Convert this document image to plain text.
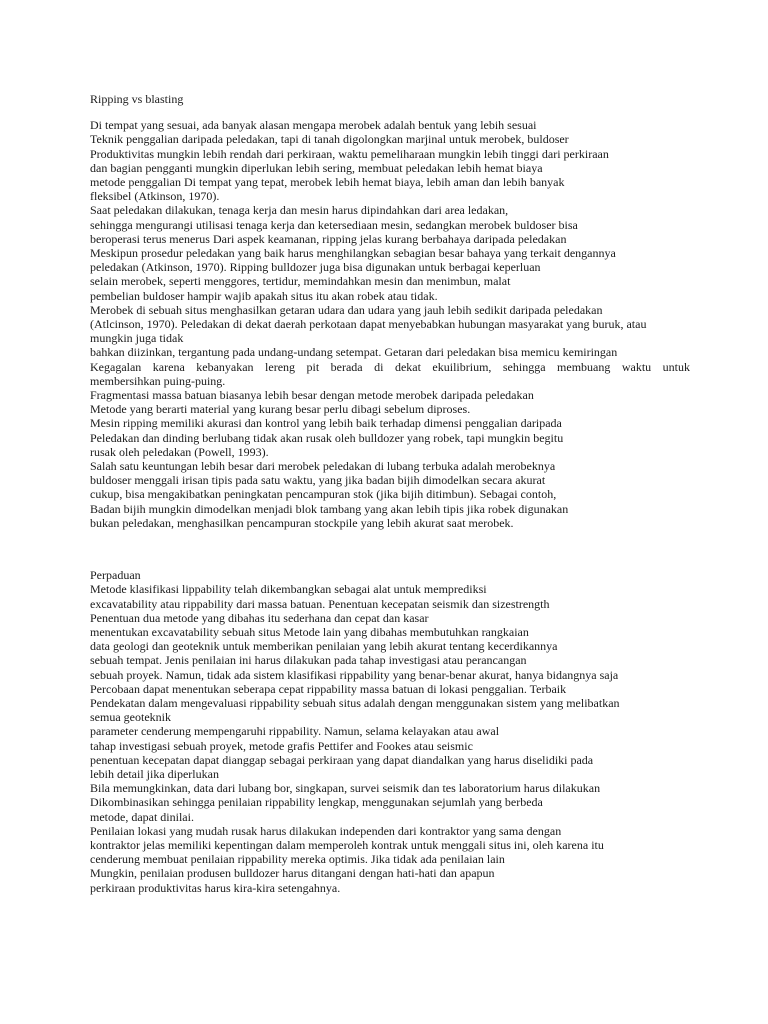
Ripping vs blasting

Di tempat yang sesuai, ada banyak alasan mengapa merobek adalah bentuk yang lebih sesuai
Teknik penggalian daripada peledakan, tapi di tanah digolongkan marjinal untuk merobek, buldoser
Produktivitas mungkin lebih rendah dari perkiraan, waktu pemeliharaan mungkin lebih tinggi dari perkiraan
dan bagian pengganti mungkin diperlukan lebih sering, membuat peledakan lebih hemat biaya
metode penggalian Di tempat yang tepat, merobek lebih hemat biaya, lebih aman dan lebih banyak
fleksibel (Atkinson, 1970).
Saat peledakan dilakukan, tenaga kerja dan mesin harus dipindahkan dari area ledakan,
sehingga mengurangi utilisasi tenaga kerja dan ketersediaan mesin, sedangkan merobek buldoser bisa
beroperasi terus menerus Dari aspek keamanan, ripping jelas kurang berbahaya daripada peledakan
Meskipun prosedur peledakan yang baik harus menghilangkan sebagian besar bahaya yang terkait dengannya
peledakan (Atkinson, 1970). Ripping bulldozer juga bisa digunakan untuk berbagai keperluan
selain merobek, seperti menggores, tertidur, memindahkan mesin dan menimbun, malat
pembelian buldoser hampir wajib apakah situs itu akan robek atau tidak.
Merobek di sebuah situs menghasilkan getaran udara dan udara yang jauh lebih sedikit daripada peledakan
(Atlcinson, 1970). Peledakan di dekat daerah perkotaan dapat menyebabkan hubungan masyarakat yang buruk, atau
mungkin juga tidak
bahkan diizinkan, tergantung pada undang-undang setempat. Getaran dari peledakan bisa memicu kemiringan
Kegagalan karena kebanyakan lereng pit berada di dekat ekuilibrium, sehingga membuang waktu untuk
membersihkan puing-puing.
Fragmentasi massa batuan biasanya lebih besar dengan metode merobek daripada peledakan
Metode yang berarti material yang kurang besar perlu dibagi sebelum diproses.
Mesin ripping memiliki akurasi dan kontrol yang lebih baik terhadap dimensi penggalian daripada
Peledakan dan dinding berlubang tidak akan rusak oleh bulldozer yang robek, tapi mungkin begitu
rusak oleh peledakan (Powell, 1993).
Salah satu keuntungan lebih besar dari merobek peledakan di lubang terbuka adalah merobeknya
buldoser menggali irisan tipis pada satu waktu, yang jika badan bijih dimodelkan secara akurat
cukup, bisa mengakibatkan peningkatan pencampuran stok (jika bijih ditimbun). Sebagai contoh,
Badan bijih mungkin dimodelkan menjadi blok tambang yang akan lebih tipis jika robek digunakan
bukan peledakan, menghasilkan pencampuran stockpile yang lebih akurat saat merobek.

Perpaduan

Metode klasifikasi lippability telah dikembangkan sebagai alat untuk memprediksi
excavatability atau rippability dari massa batuan. Penentuan kecepatan seismik dan sizestrength
Penentuan dua metode yang dibahas itu sederhana dan cepat dan kasar
menentukan excavatability sebuah situs Metode lain yang dibahas membutuhkan rangkaian
data geologi dan geoteknik untuk memberikan penilaian yang lebih akurat tentang kecerdikannya
sebuah tempat. Jenis penilaian ini harus dilakukan pada tahap investigasi atau perancangan
sebuah proyek. Namun, tidak ada sistem klasifikasi rippability yang benar-benar akurat, hanya bidangnya saja
Percobaan dapat menentukan seberapa cepat rippability massa batuan di lokasi penggalian. Terbaik
Pendekatan dalam mengevaluasi rippability sebuah situs adalah dengan menggunakan sistem yang melibatkan
semua geoteknik
parameter cenderung mempengaruhi rippability. Namun, selama kelayakan atau awal
tahap investigasi sebuah proyek, metode grafis Pettifer and Fookes atau seismic
penentuan kecepatan dapat dianggap sebagai perkiraan yang dapat diandalkan yang harus diselidiki pada
lebih detail jika diperlukan
Bila memungkinkan, data dari lubang bor, singkapan, survei seismik dan tes laboratorium harus dilakukan
Dikombinasikan sehingga penilaian rippability lengkap, menggunakan sejumlah yang berbeda
metode, dapat dinilai.
Penilaian lokasi yang mudah rusak harus dilakukan independen dari kontraktor yang sama dengan
kontraktor jelas memiliki kepentingan dalam memperoleh kontrak untuk menggali situs ini, oleh karena itu
cenderung membuat penilaian rippability mereka optimis. Jika tidak ada penilaian lain
Mungkin, penilaian produsen bulldozer harus ditangani dengan hati-hati dan apapun
perkiraan produktivitas harus kira-kira setengahnya.
